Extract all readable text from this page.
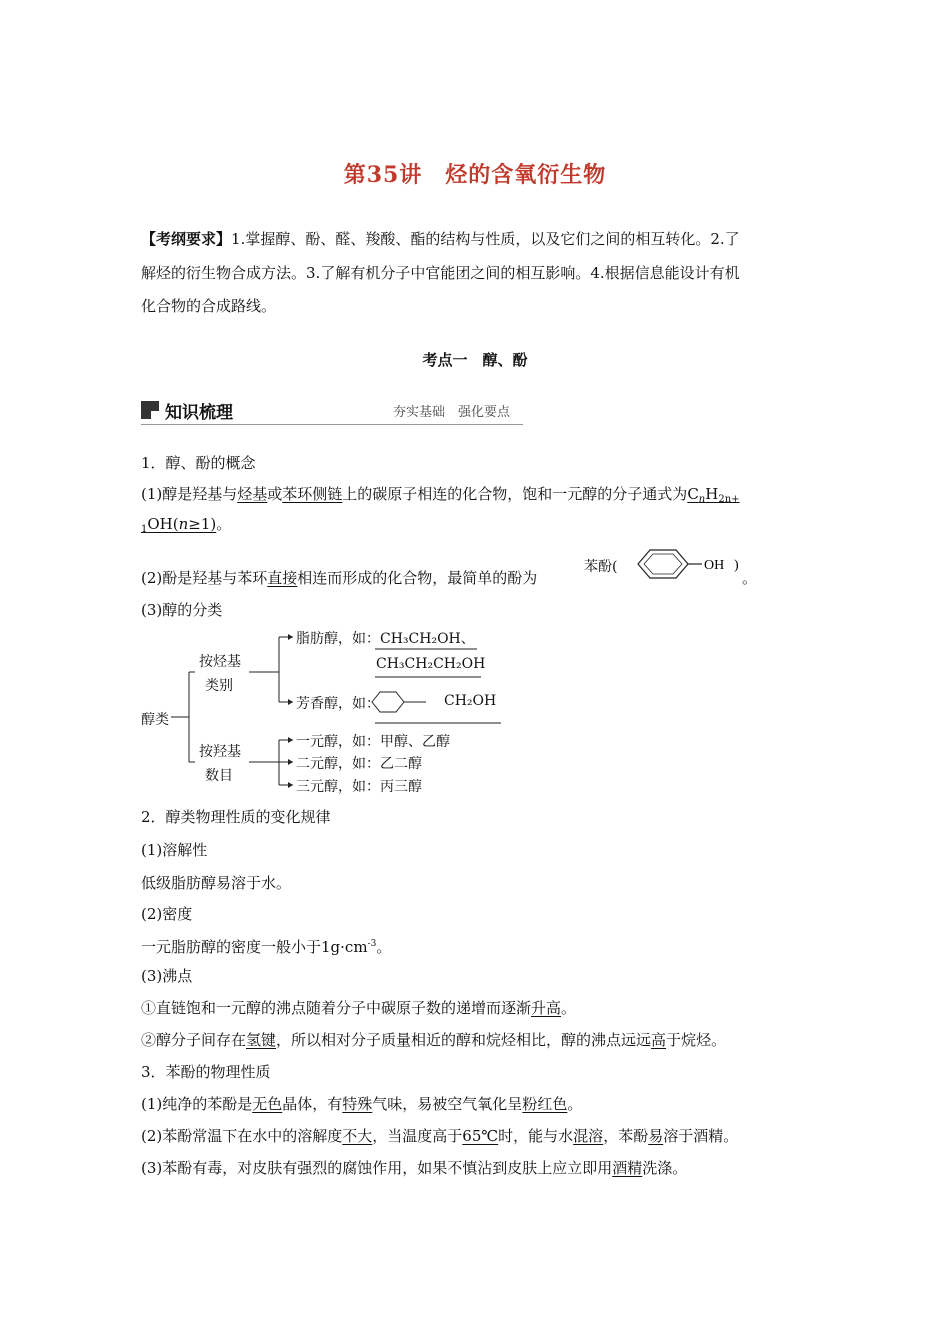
第35讲　烃的含氧衍生物
【考纲要求】1.掌握醇、酚、醛、羧酸、酯的结构与性质，以及它们之间的相互转化。2.了
解烃的衍生物合成方法。3.了解有机分子中官能团之间的相互影响。4.根据信息能设计有机
化合物的合成路线。
考点一　醇、酚
知识梳理	夯实基础　强化要点
1．醇、酚的概念
(1)醇是羟基与烃基或苯环侧链上的碳原子相连的化合物，饱和一元醇的分子通式为$C_nH_{2n+}$
$_1$OH(n≥1)。
(2)酚是羟基与苯环直接相连而形成的化合物，最简单的酚为
苯酚(	OH )
。
(3)醇的分类
醇类
按烃基
类别
脂肪醇，如：CH₃CH₂OH、
CH₃CH₂CH₂OH
芳香醇，如：	CH₂OH
按羟基
数目
一元醇，如：甲醇、乙醇
二元醇，如：乙二醇
三元醇，如：丙三醇
2．醇类物理性质的变化规律
(1)溶解性
低级脂肪醇易溶于水。
(2)密度
一元脂肪醇的密度一般小于$1g\cdot cm^{-3}$。
(3)沸点
①直链饱和一元醇的沸点随着分子中碳原子数的递增而逐渐升高。
②醇分子间存在氢键，所以相对分子质量相近的醇和烷烃相比，醇的沸点远远高于烷烃。
3．苯酚的物理性质
(1)纯净的苯酚是无色晶体，有特殊气味，易被空气氧化呈粉红色。
(2)苯酚常温下在水中的溶解度不大，当温度高于65℃时，能与水混溶，苯酚易溶于酒精。
(3)苯酚有毒，对皮肤有强烈的腐蚀作用，如果不慎沾到皮肤上应立即用酒精洗涤。
